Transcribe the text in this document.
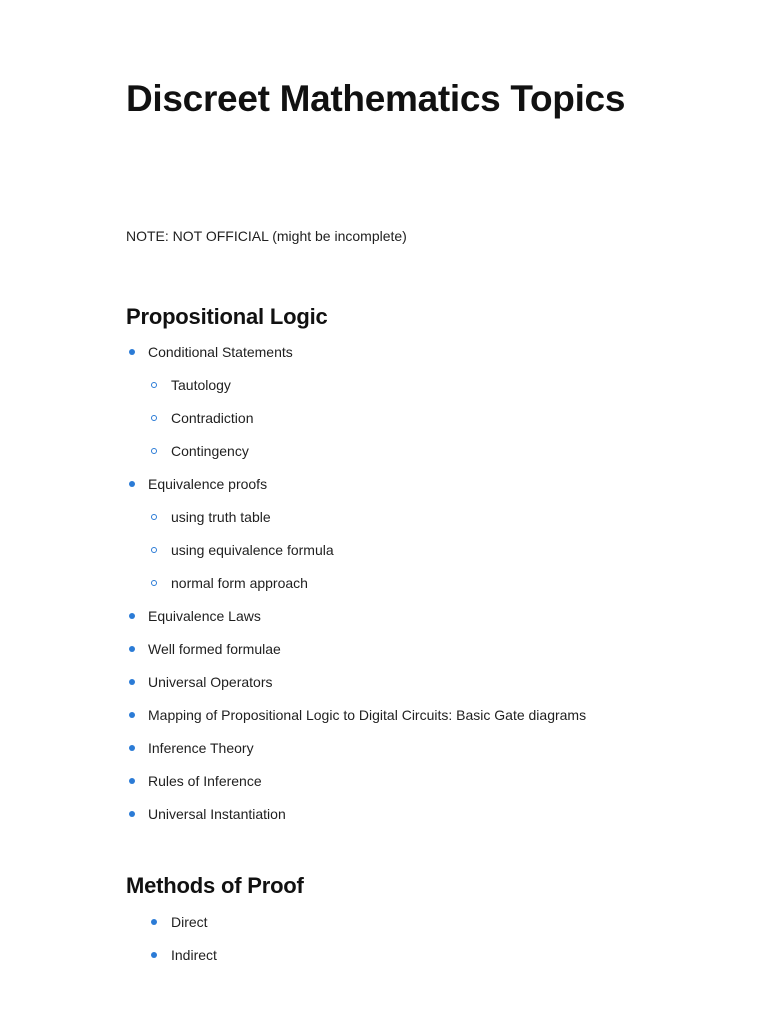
Discreet Mathematics Topics

NOTE: NOT OFFICIAL (might be incomplete)

Propositional Logic

Conditional Statements

Tautology

Contradiction

Contingency

Equivalence proofs

using truth table

using equivalence formula

normal form approach

Equivalence Laws

Well formed formulae

Universal Operators

Mapping of Propositional Logic to Digital Circuits: Basic Gate diagrams

Inference Theory

Rules of Inference

Universal Instantiation

Methods of Proof

Direct

Indirect
